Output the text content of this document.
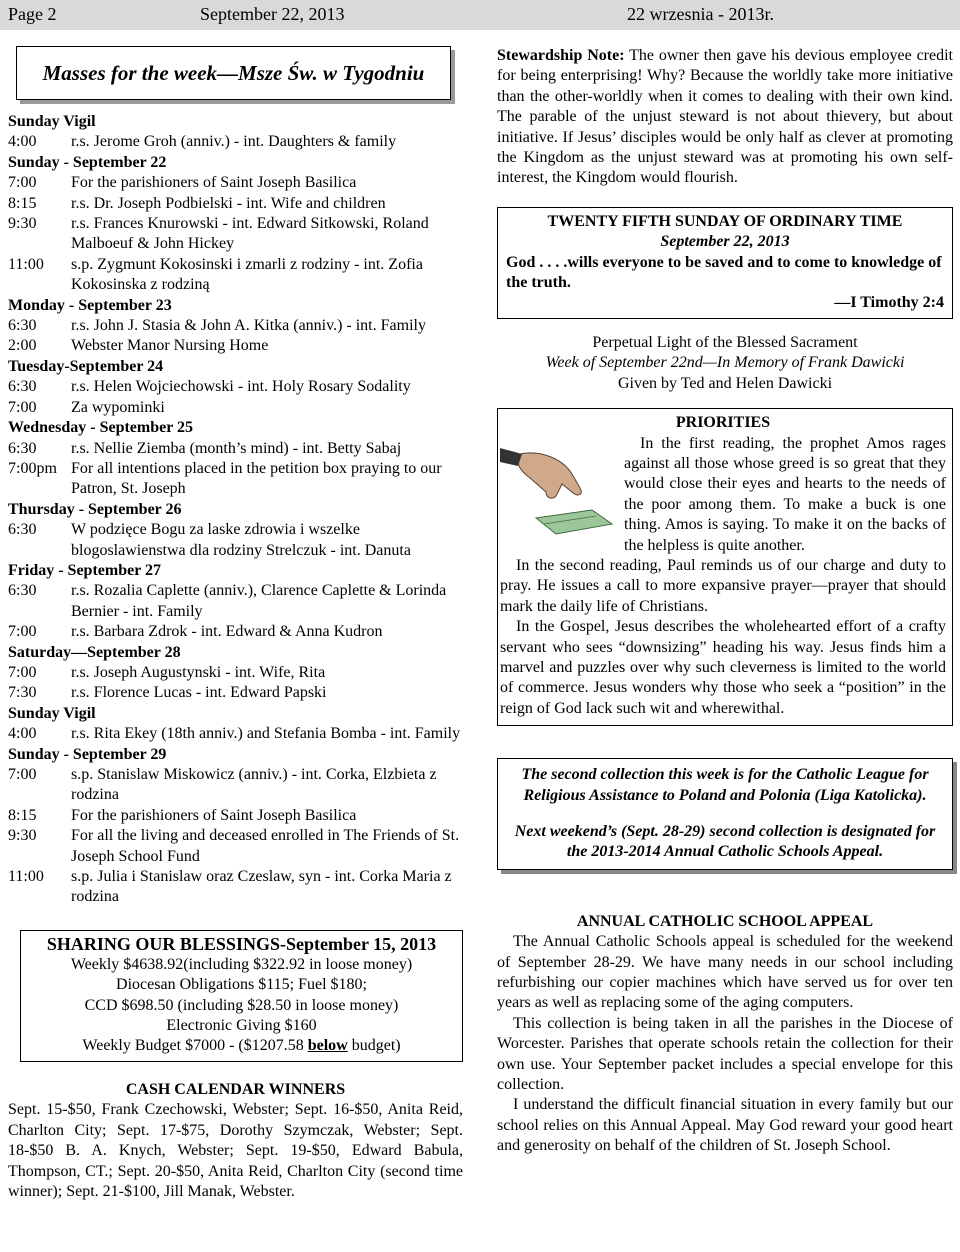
Page 2	September 22, 2013	22 wrzesnia - 2013r.
Masses for the week—Msze Św. w Tygodniu
Sunday Vigil
4:00	r.s. Jerome Groh (anniv.) - int. Daughters & family
Sunday - September 22
7:00	For the parishioners of Saint Joseph Basilica
8:15	r.s. Dr. Joseph Podbielski - int. Wife and children
9:30	r.s. Frances Knurowski - int. Edward Sitkowski, Roland Malboeuf & John Hickey
11:00	s.p. Zygmunt Kokosinski i zmarli z rodziny - int. Zofia Kokosinska z rodziną
Monday - September 23
6:30	r.s. John J. Stasia & John A. Kitka (anniv.) - int. Family
2:00	Webster Manor Nursing Home
Tuesday-September 24
6:30	r.s. Helen Wojciechowski - int. Holy Rosary Sodality
7:00	Za wypominki
Wednesday - September 25
6:30	r.s. Nellie Ziemba (month’s mind) - int. Betty Sabaj
7:00pm For all intentions placed in the petition box praying to our Patron, St. Joseph
Thursday - September 26
6:30	W podzięce Bogu za laske zdrowia i wszelke blogoslawienstwa dla rodziny Strelczuk - int. Danuta
Friday - September 27
6:30	r.s. Rozalia Caplette (anniv.), Clarence Caplette & Lorinda Bernier - int. Family
7:00	r.s. Barbara Zdrok - int. Edward & Anna Kudron
Saturday—September 28
7:00	r.s. Joseph Augustynski - int. Wife, Rita
7:30	r.s. Florence Lucas - int. Edward Papski
Sunday Vigil
4:00	r.s. Rita Ekey (18th anniv.) and Stefania Bomba - int. Family
Sunday - September 29
7:00	s.p. Stanislaw Miskowicz (anniv.) - int. Corka, Elzbieta z rodzina
8:15	For the parishioners of Saint Joseph Basilica
9:30	For all the living and deceased enrolled in The Friends of St. Joseph School Fund
11:00	s.p. Julia i Stanislaw oraz Czeslaw, syn - int. Corka Maria z rodzina
SHARING OUR BLESSINGS-September 15, 2013
Weekly $4638.92(including $322.92 in loose money)
Diocesan Obligations $115; Fuel $180;
CCD $698.50 (including $28.50 in loose money)
Electronic Giving $160
Weekly Budget $7000 - ($1207.58 below budget)
CASH CALENDAR WINNERS

Sept. 15-$50, Frank Czechowski, Webster; Sept. 16-$50, Anita Reid, Charlton City; Sept. 17-$75, Dorothy Szymczak, Webster; Sept. 18-$50 B. A. Knych, Webster; Sept. 19-$50, Edward Babula, Thompson, CT.; Sept. 20-$50, Anita Reid, Charlton City (second time winner); Sept. 21-$100, Jill Manak, Webster.

Stewardship Note: The owner then gave his devious employee credit for being enterprising! Why? Because the worldly take more initiative than the other-worldly when it comes to dealing with their own kind. The parable of the unjust steward is not about thievery, but about initiative. If Jesus’ disciples would be only half as clever at promoting the Kingdom as the unjust steward was at promoting his own self-interest, the Kingdom would flourish.

TWENTY FIFTH SUNDAY OF ORDINARY TIME
September 22, 2013
God . . . .wills everyone to be saved and to come to knowledge of the truth.
—I Timothy 2:4
Perpetual Light of the Blessed Sacrament
Week of September 22nd—In Memory of Frank Dawicki
Given by Ted and Helen Dawicki
PRIORITIES

In the first reading, the prophet Amos rages against all those whose greed is so great that they would close their eyes and hearts to the needs of the poor among them. To make a buck is one thing. Amos is saying. To make it on the backs of the helpless is quite another.

In the second reading, Paul reminds us of our charge and duty to pray. He issues a call to more expansive prayer—prayer that should mark the daily life of Christians.

In the Gospel, Jesus describes the wholehearted effort of a crafty servant who sees “downsizing” heading his way. Jesus finds him a marvel and puzzles over why such cleverness is limited to the world of commerce. Jesus wonders why those who seek a “position” in the reign of God lack such wit and wherewithal.

The second collection this week is for the Catholic League for Religious Assistance to Poland and Polonia (Liga Katolicka).

Next weekend’s (Sept. 28-29) second collection is designated for the 2013-2014 Annual Catholic Schools Appeal.

ANNUAL CATHOLIC SCHOOL APPEAL

The Annual Catholic Schools appeal is scheduled for the weekend of September 28-29. We have many needs in our school including refurbishing our copier machines which have served us for over ten years as well as replacing some of the aging computers.

This collection is being taken in all the parishes in the Diocese of Worcester. Parishes that operate schools retain the collection for their own use. Your September packet includes a special envelope for this collection.

I understand the difficult financial situation in every family but our school relies on this Annual Appeal. May God reward your good heart and generosity on behalf of the children of St. Joseph School.
